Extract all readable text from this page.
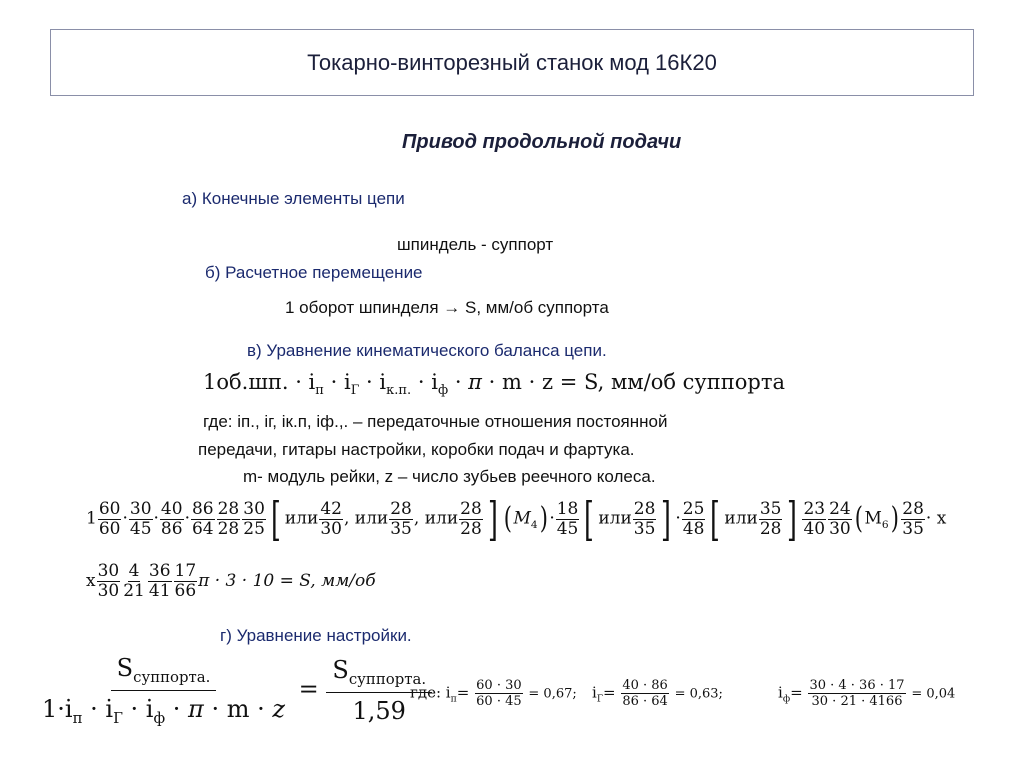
Токарно-винторезный станок мод 16К20
Привод продольной подачи
а) Конечные элементы цепи
шпиндель - суппорт
б) Расчетное перемещение
1 оборот шпинделя → S, мм/об суппорта
в) Уравнение кинематического баланса цепи.
1об.шп. · $i_п \cdot i_Г \cdot i_{к.п.} \cdot i_ф \cdot \pi \cdot m \cdot z = S$, мм/об суппорта
где: iп., iг, iк.п, iф.,. – передаточные отношения постоянной
передачи, гитары настройки, коробки подач и фартука.
m- модуль рейки, z – число зубьев реечного колеса.
$1 \frac{60}{60} \cdot \frac{30}{45} \cdot \frac{40}{86} \cdot \frac{86}{64} \frac{28}{28} \frac{30}{25}$ [ или $\frac{42}{30}$ , или $\frac{28}{35}$ , или $\frac{28}{28}$ ] ( $M_4) \cdot \frac{18}{45}$ [ или $\frac{28}{35}$ ] · $\frac{25}{48}$ [ или $\frac{35}{28}$ ] $\frac{23}{40} \frac{24}{30}$ ( $M_6) \frac{28}{35} \cdot x$
x $\frac{30}{30} \frac{4}{21} \frac{36}{41} \frac{17}{66}$ π · 3 · 10 = S, мм/об
г) Уравнение настройки.
$\frac{S_{суппорта.}}{1\cdot i_п \cdot i_Г \cdot i_ф \cdot \pi \cdot m \cdot z} = \frac{S_{суппорта.}}{1,59}$
где: $i_п= \frac{60 \cdot 30}{60 \cdot 45} = 0,67$; $i_Г= \frac{40 \cdot 86}{86 \cdot 64} = 0,63$;	$i_ф= \frac{30 \cdot 4 \cdot 36 \cdot 17}{30 \cdot 21 \cdot 4166} = 0,04$
